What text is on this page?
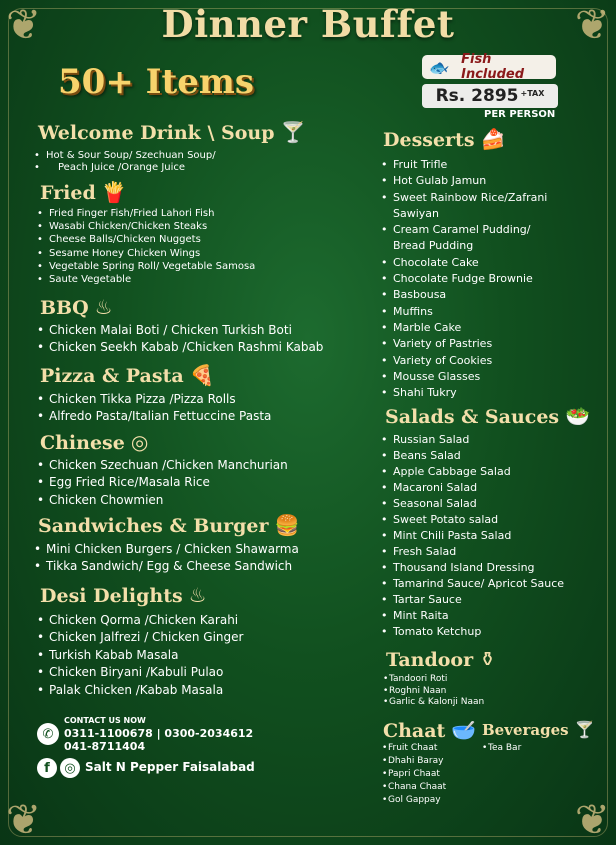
❦	❦
❦	❦
Dinner Buffet
50+ Items	🐟	Fish Included
Rs. 2895 +TAX
PER PERSON
Welcome Drink \ Soup 🍸
• Hot & Sour Soup/ Szechuan Soup/
• Peach Juice /Orange Juice
Fried 🍟
• Fried Finger Fish/Fried Lahori Fish
• Wasabi Chicken/Chicken Steaks
• Cheese Balls/Chicken Nuggets
• Sesame Honey Chicken Wings
• Vegetable Spring Roll/ Vegetable Samosa
• Saute Vegetable
BBQ ♨
• Chicken Malai Boti / Chicken Turkish Boti
• Chicken Seekh Kabab /Chicken Rashmi Kabab
Pizza & Pasta 🍕
• Chicken Tikka Pizza /Pizza Rolls
• Alfredo Pasta/Italian Fettuccine Pasta
Chinese ◎
• Chicken Szechuan /Chicken Manchurian
• Egg Fried Rice/Masala Rice
• Chicken Chowmien
Sandwiches & Burger 🍔
• Mini Chicken Burgers / Chicken Shawarma
• Tikka Sandwich/ Egg & Cheese Sandwich
Desi Delights ♨
• Chicken Qorma /Chicken Karahi
• Chicken Jalfrezi / Chicken Ginger
• Turkish Kabab Masala
• Chicken Biryani /Kabuli Pulao
• Palak Chicken /Kabab Masala
Desserts 🍰
• Fruit Trifle
• Hot Gulab Jamun
• Sweet Rainbow Rice/Zafrani
Sawiyan
• Cream Caramel Pudding/
Bread Pudding
• Chocolate Cake
• Chocolate Fudge Brownie
• Basbousa
• Muffins
• Marble Cake
• Variety of Pastries
• Variety of Cookies
• Mousse Glasses
• Shahi Tukry
Salads & Sauces 🥗
• Russian Salad
• Beans Salad
• Apple Cabbage Salad
• Macaroni Salad
• Seasonal Salad
• Sweet Potato salad
• Mint Chili Pasta Salad
• Fresh Salad
• Thousand Island Dressing
• Tamarind Sauce/ Apricot Sauce
• Tartar Sauce
• Mint Raita
• Tomato Ketchup
Tandoor ⚱
• Tandoori Roti
• Roghni Naan
• Garlic & Kalonji Naan
Chaat 🥣 Beverages 🍸
• Fruit Chaat
• Dhahi Baray
• Papri Chaat
• Chana Chaat
• Gol Gappay
• Tea Bar
✆
CONTACT US NOW
0311-1100678 | 0300-2034612
041-8711404
f	◎ Salt N Pepper Faisalabad
